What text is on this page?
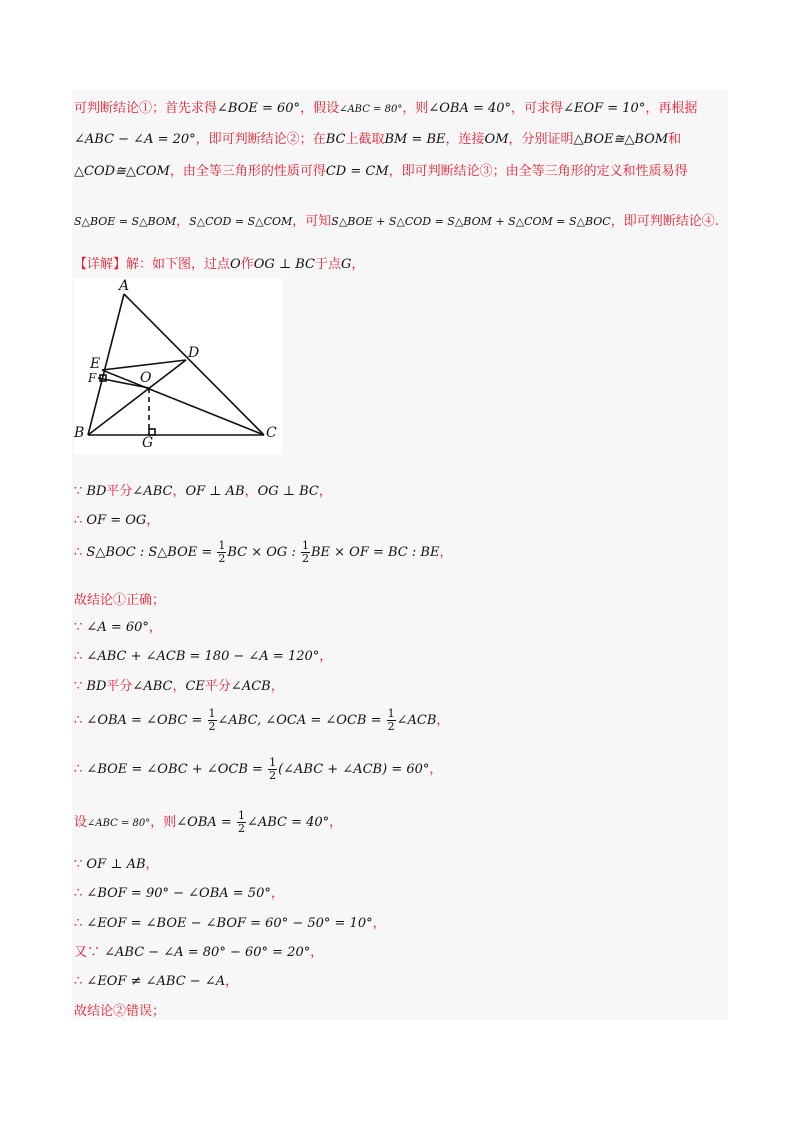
可判断结论①；首先求得∠BOE = 60°，假设∠ABC = 80°，则∠OBA = 40°，可求得∠EOF = 10°，再根据
∠ABC − ∠A = 20°，即可判断结论②；在BC上截取BM = BE，连接OM，分别证明△BOE≅△BOM和
△COD≅△COM，由全等三角形的性质可得CD = CM，即可判断结论③；由全等三角形的定义和性质易得
S△BOE = S△BOM，S△COD = S△COM，可知S△BOE + S△COD = S△BOM + S△COM = S△BOC，即可判断结论④.
【详解】解：如下图，过点O作OG ⊥ BC于点G，
A
B	C
D
E
F	O
G
∵ BD平分∠ABC，OF ⊥ AB，OG ⊥ BC，
∴ OF = OG，
∴ S△BOC : S△BOE = $\frac{1}{2}$ BC × OG : $\frac{1}{2}$ BE × OF = BC : BE，
故结论①正确；
∵ ∠A = 60°，
∴ ∠ABC + ∠ACB = 180 − ∠A = 120°，
∵ BD平分∠ABC，CE平分∠ACB，
∴ ∠OBA = ∠OBC = $\frac{1}{2}$ ∠ABC, ∠OCA = ∠OCB = $\frac{1}{2}$ ∠ACB，
∴ ∠BOE = ∠OBC + ∠OCB = $\frac{1}{2}$ (∠ABC + ∠ACB) = 60°，
设∠ABC = 80°，则∠OBA = $\frac{1}{2}$ ∠ABC = 40°，
∵ OF ⊥ AB，
∴ ∠BOF = 90° − ∠OBA = 50°，
∴ ∠EOF = ∠BOE − ∠BOF = 60° − 50° = 10°，
又∵ ∠ABC − ∠A = 80° − 60° = 20°，
∴ ∠EOF ≠ ∠ABC − ∠A，
故结论②错误；
